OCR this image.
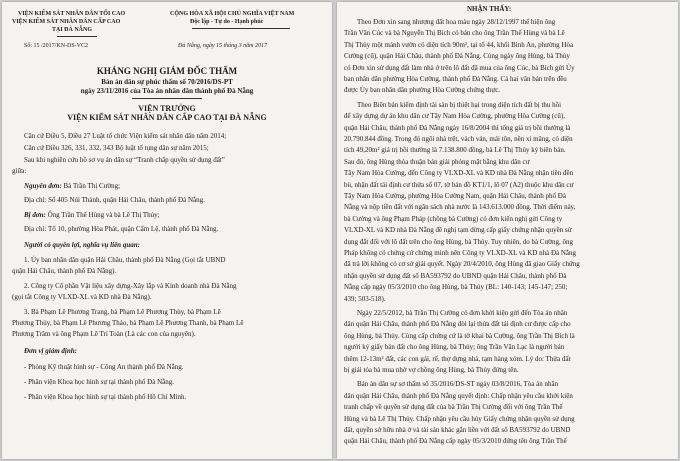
VIỆN KIỂM SÁT NHÂN DÂN TỐI CAO
VIỆN KIỂM SÁT NHÂN DÂN CẤP CAO
TẠI ĐÀ NẴNG
CỘNG HÒA XÃ HỘI CHỦ NGHĨA VIỆT NAM
Độc lập - Tự do - Hạnh phúc
Số: 15 /2017/KN-DS-VC2	Đà Nẵng, ngày 15 tháng 3 năm 2017
KHÁNG NGHỊ GIÁM ĐỐC THẨM
Bản án dân sự phúc thẩm số 70/2016/DS-PT
ngày 23/11/2016 của Tòa án nhân dân thành phố Đà Nẵng
VIỆN TRƯỞNG
VIỆN KIỂM SÁT NHÂN DÂN CẤP CAO TẠI ĐÀ NẴNG
Căn cứ Điều 5, Điều 27 Luật tổ chức Viện kiểm sát nhân dân năm 2014;
Căn cứ Điều 326, 331, 332, 343 Bộ luật tố tụng dân sự năm 2015;
Sau khi nghiên cứu hồ sơ vụ án dân sự “Tranh chấp quyền sử dụng đất”
giữa:
Nguyên đơn: Bà Trần Thị Cường;
Địa chỉ: Số 405 Núi Thành, quận Hải Châu, thành phố Đà Nẵng.
Bị đơn: Ông Trần Thế Hùng và bà Lê Thị Thủy;
Địa chỉ: Tổ 10, phường Hòa Phát, quận Cẩm Lệ, thành phố Đà Nẵng.
Người có quyền lợi, nghĩa vụ liên quan:
1. Ủy ban nhân dân quận Hải Châu, thành phố Đà Nẵng (Gọi tắt UBND
quận Hải Châu, thành phố Đà Nẵng).
2. Công ty Cổ phần Vật liệu xây dựng-Xây lắp và Kinh doanh nhà Đà Nẵng
(gọi tắt Công ty VLXD-XL và KD nhà Đà Nẵng).
3. Bà Phạm Lê Phương Trang, bà Phạm Lê Phương Thùy, bà Phạm Lê
Phương Thủy, bà Phạm Lê Phương Thảo, bà Phạm Lê Phương Thanh, bà Phạm Lê
Phương Trâm và ông Phạm Lê Trí Toàn (Là các con của nguyên).
Đơn vị giám định:
- Phòng Kỹ thuật hình sự - Công An thành phố Đà Nẵng.
- Phân viện Khoa học hình sự tại thành phố Đà Nẵng.
- Phân viện Khoa học hình sự tại thành phố Hồ Chí Minh.
NHẬN THẤY:
Theo Đơn xin sang nhượng đất hoa màu ngày 28/12/1997 thể hiện ông
Trần Văn Cúc và bà Nguyễn Thị Bích có bán cho ông Trần Thế Hùng và bà Lê
Thị Thủy một mảnh vườn có diện tích 90m², tại tổ 44, khối Bình An, phường Hòa
Cường (cũ), quận Hải Châu, thành phố Đà Nẵng. Cùng ngày ông Hùng, bà Thủy
có Đơn xin sử dụng đất làm nhà ở trên lô đất đã mua của ông Cúc, bà Bích gửi Ủy
ban nhân dân phường Hòa Cường, thành phố Đà Nẵng. Cả hai văn bản trên đều
được Ủy ban nhân dân phường Hòa Cường chứng thực.
Theo Biên bản kiểm định tài sản bị thiệt hại trong diện tích đất bị thu hồi
để xây dựng dự án khu dân cư Tây Nam Hòa Cường, phường Hòa Cường (cũ),
quận Hải Châu, thành phố Đà Nẵng ngày 16/8/2004 thì tổng giá trị bồi thường là
20.790.844 đồng. Trong đó ngôi nhà trệt, vách ván, mái tôn, nền xi măng, có diện
tích 49,20m² giá trị bồi thường là 7.138.800 đồng, bà Lê Thị Thủy ký biên bản.
Sau đó, ông Hùng thỏa thuận bán giải phóng mặt bằng khu dân cư
Tây Nam Hòa Cường, đến Công ty VLXD-XL và KD nhà Đà Nẵng nhận tiền đền
bù, nhận đất tái định cư thửa số 07, tờ bản đồ KT1/1, lô 07 (A2) thuộc khu dân cư
Tây Nam Hòa Cường, phường Hòa Cường Nam, quận Hải Châu, thành phố Đà
Nẵng và nộp tiền đất với ngân sách nhà nước là 143.613.000 đồng. Thời điểm này,
bà Cường và ông Phạm Pháp (chồng bà Cường) có đơn kiến nghị gửi Công ty
VLXD-XL và KD nhà Đà Nẵng đề nghị tạm dừng cấp giấy chứng nhận quyền sử
dụng đất đối với lô đất trên cho ông Hùng, bà Thủy. Tuy nhiên, do bà Cường, ông
Pháp không có chứng cứ chứng minh nên Công ty VLXD-XL và KD nhà Đà Nẵng
đã trả lời không có cơ sở giải quyết. Ngày 20/4/2010, ông Hùng đã giao Giấy chứng
nhận quyền sử dụng đất số BA593792 do UBND quận Hải Châu, thành phố Đà
Nẵng cấp ngày 05/3/2010 cho ông Hùng, bà Thủy (BL: 140-143; 145-147; 250;
439; 503-518).
Ngày 22/5/2012, bà Trần Thị Cường có đơn khởi kiện gửi đến Tòa án nhân
dân quận Hải Châu, thành phố Đà Nẵng đòi lại thửa đất tái định cư được cấp cho
ông Hùng, bà Thủy. Cùng cấp chứng cứ là tờ khai bà Cường, ông Trần Thị Bích là
người ký giấy bán đất cho ông Hùng, bà Thủy; ông Trần Văn Lạc là người bán
thêm 12-13m² đất, các con gái, rể, thợ dựng nhà, tạm hàng xóm. Lý do: Thửa đất
bị giải tỏa bà mua nhờ vợ chồng ông Hùng, bà Thủy đứng tên.
Bản án dân sự sơ thẩm số 35/2016/DS-ST ngày 03/8/2016, Tòa án nhân
dân quận Hải Châu, thành phố Đà Nẵng quyết định: Chấp nhận yêu cầu khởi kiện
tranh chấp về quyền sử dụng đất của bà Trần Thị Cường đối với ông Trần Thế
Hùng và bà Lê Thị Thủy. Chấp nhận yêu cầu hủy Giấy chứng nhận quyền sử dụng
đất, quyền sở hữu nhà ở và tài sản khác gắn liền với đất số BA593792 do UBND
quận Hải Châu, thành phố Đà Nẵng cấp ngày 05/3/2010 đứng tên ông Trần Thế
